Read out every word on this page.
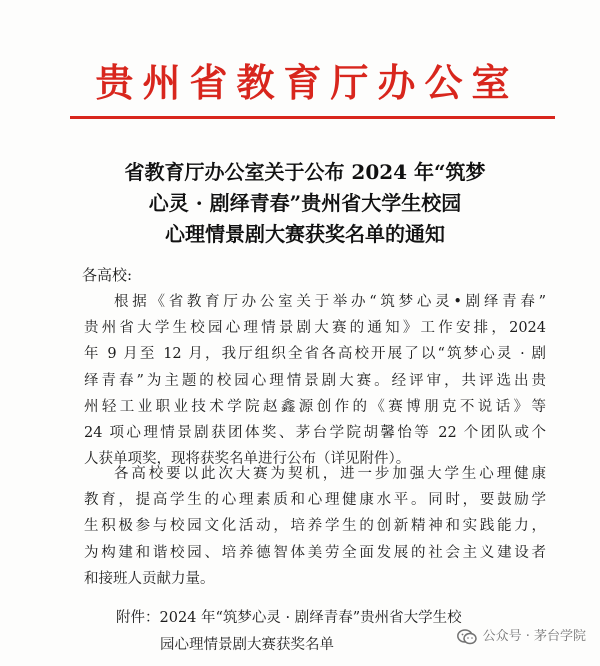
贵州省教育厅办公室
省教育厅办公室关于公布 2024 年“筑梦
心灵 · 剧绎青春”贵州省大学生校园
心理情景剧大赛获奖名单的通知
各高校:
根据《省教育厅办公室关于举办“筑梦心灵•剧绎青春”
贵州省大学生校园心理情景剧大赛的通知》工作安排，2024
年 9 月至 12 月，我厅组织全省各高校开展了以“筑梦心灵 · 剧
绎青春”为主题的校园心理情景剧大赛。经评审，共评选出贵
州轻工业职业技术学院赵鑫源创作的《赛博朋克不说话》等
24 项心理情景剧获团体奖、茅台学院胡馨怡等 22 个团队或个
人获单项奖，现将获奖名单进行公布（详见附件）。
各高校要以此次大赛为契机，进一步加强大学生心理健康
教育，提高学生的心理素质和心理健康水平。同时，要鼓励学
生积极参与校园文化活动，培养学生的创新精神和实践能力，
为构建和谐校园、培养德智体美劳全面发展的社会主义建设者
和接班人贡献力量。
附件：2024 年“筑梦心灵 · 剧绎青春”贵州省大学生校
园心理情景剧大赛获奖名单
公众号 · 茅台学院
